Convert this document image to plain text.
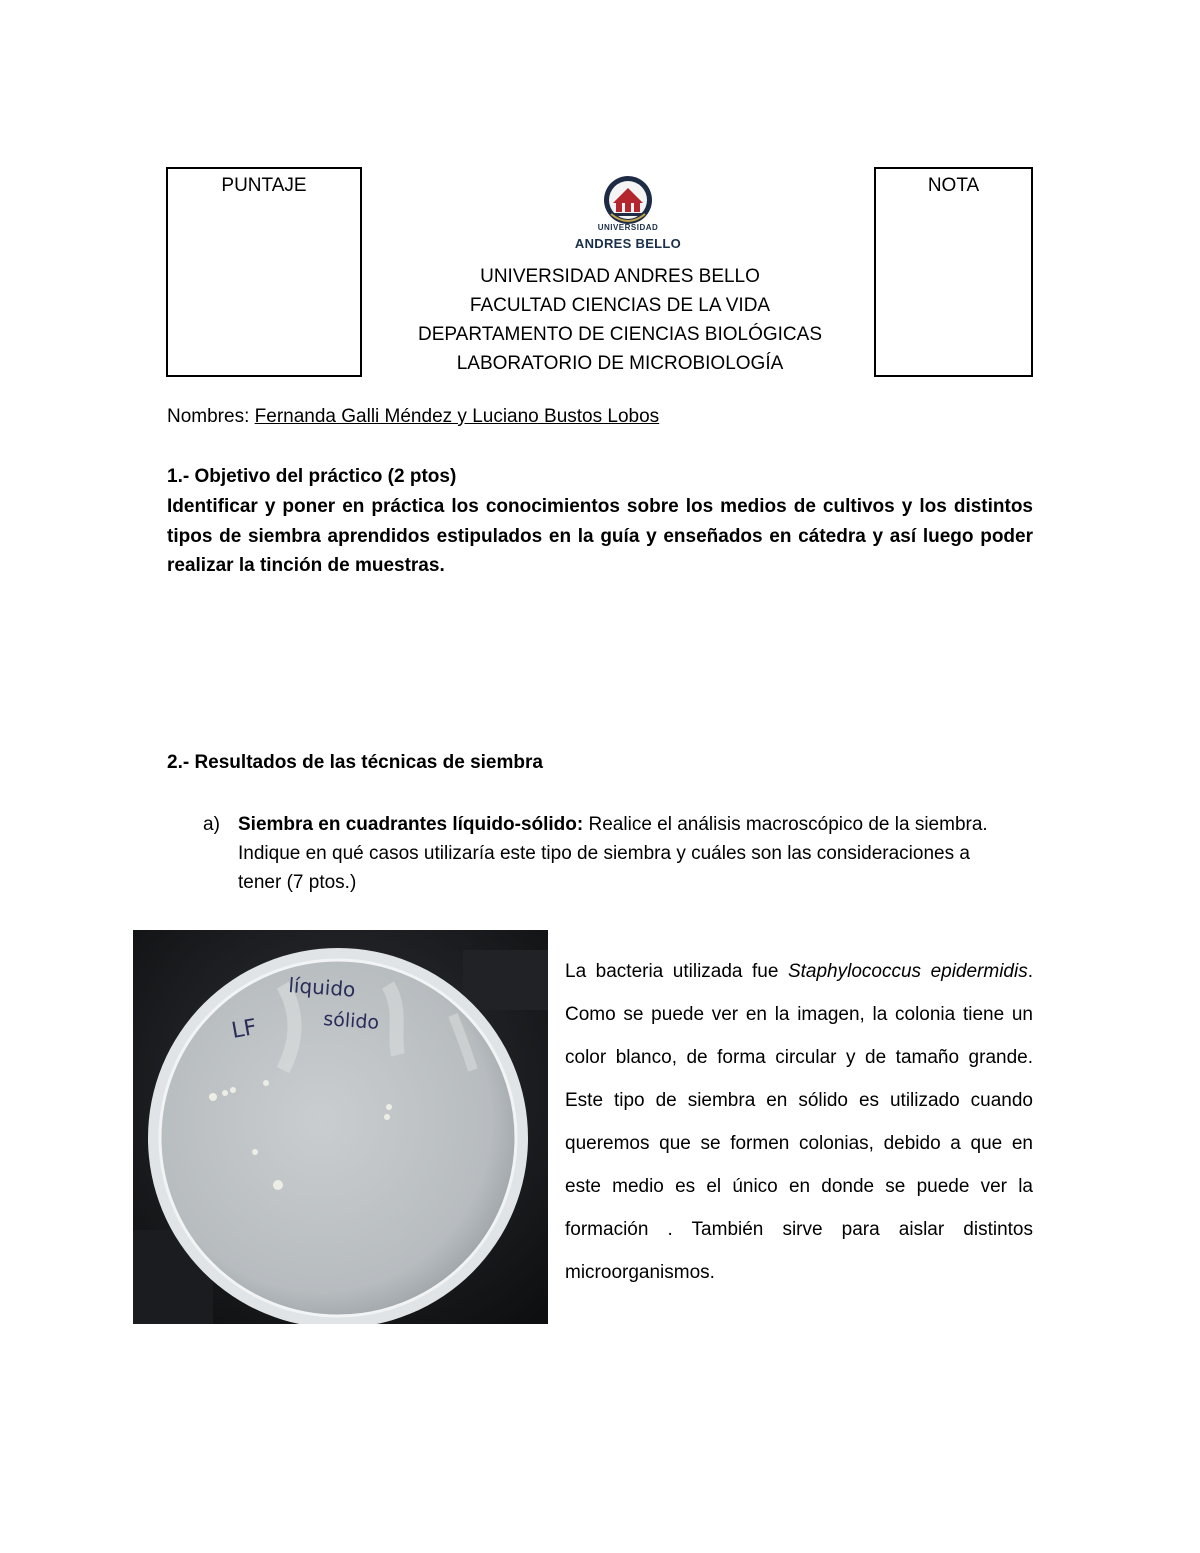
PUNTAJE	NOTA
UNIVERSIDAD
ANDRES BELLO
UNIVERSIDAD ANDRES BELLO
FACULTAD CIENCIAS DE LA VIDA
DEPARTAMENTO DE CIENCIAS BIOLÓGICAS
LABORATORIO DE MICROBIOLOGÍA
Nombres: Fernanda Galli Méndez y Luciano Bustos Lobos
1.- Objetivo del práctico (2 ptos)
Identificar y poner en práctica los conocimientos sobre los medios de cultivos y los distintos tipos de siembra aprendidos estipulados en la guía y enseñados en cátedra y así luego poder realizar la tinción de muestras.
2.- Resultados de las técnicas de siembra
a) Siembra en cuadrantes líquido-sólido: Realice el análisis macroscópico de la siembra. Indique en qué casos utilizaría este tipo de siembra y cuáles son las consideraciones a tener (7 ptos.)
LF
líquido
sólido
La bacteria utilizada fue Staphylococcus epidermidis. Como se puede ver en la imagen, la colonia tiene un color blanco, de forma circular y de tamaño grande. Este tipo de siembra en sólido es utilizado cuando queremos que se formen colonias, debido a que en este medio es el único en donde se puede ver la formación . También sirve para aislar distintos microorganismos.
